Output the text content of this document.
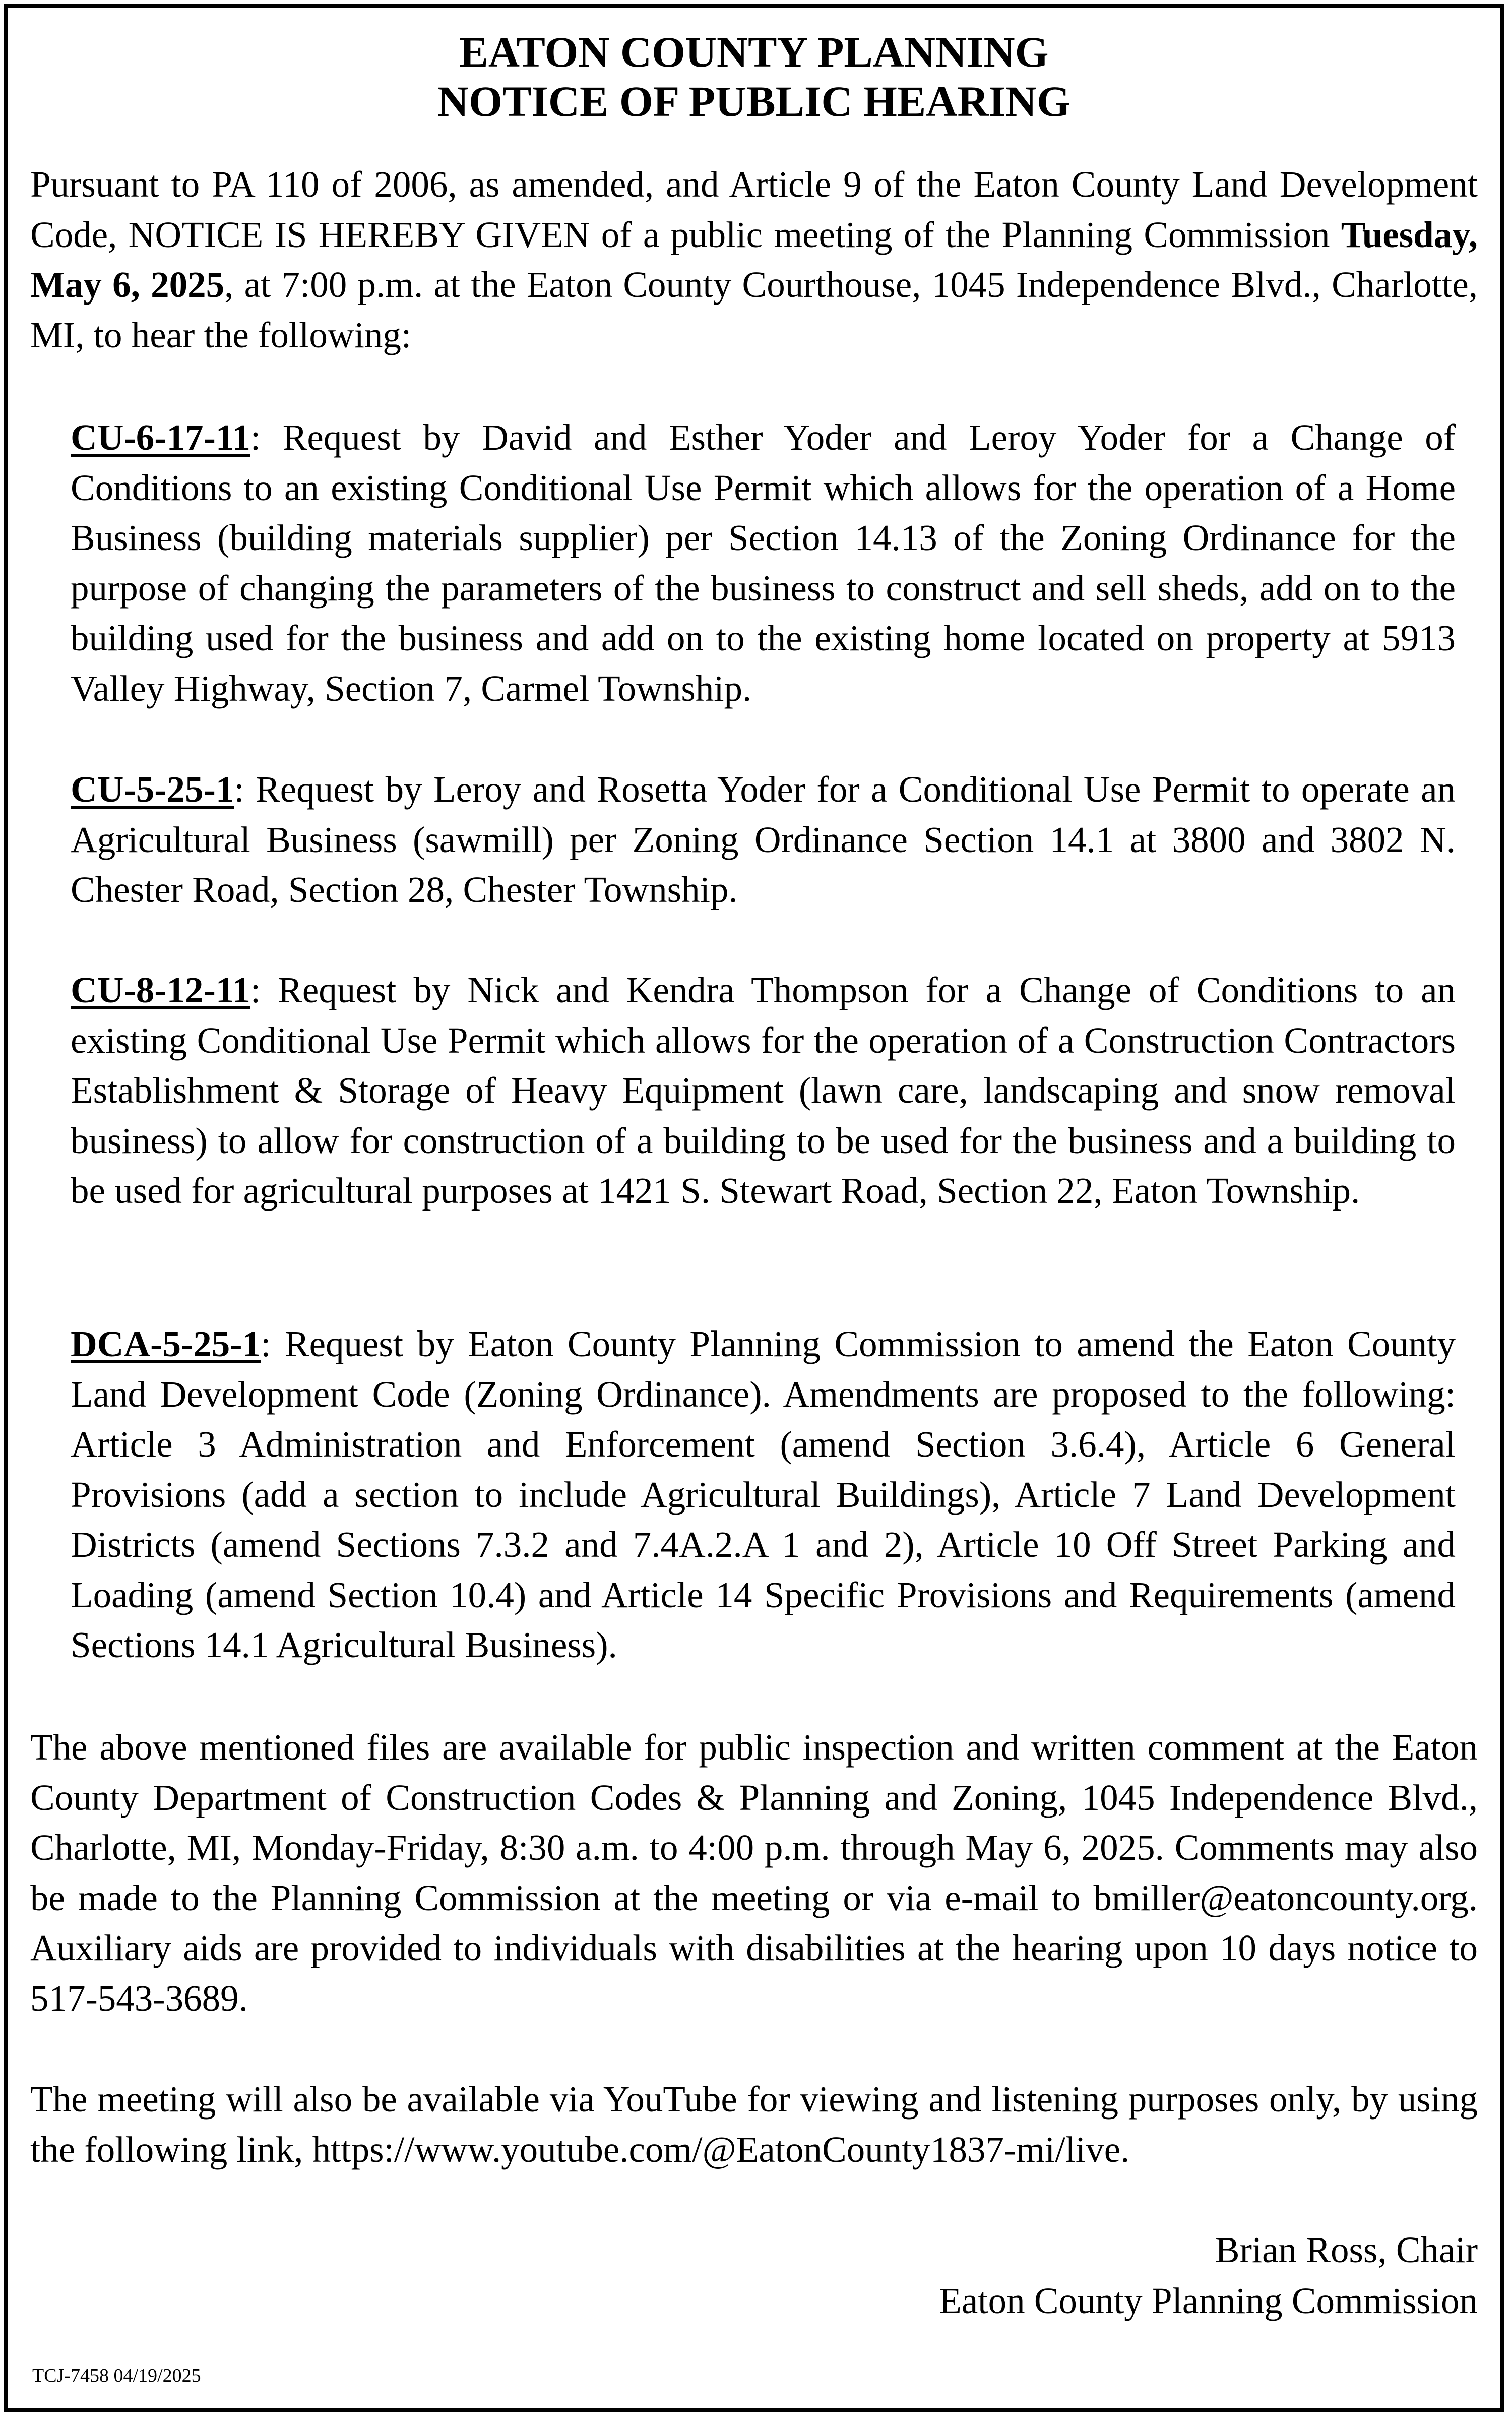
EATON COUNTY PLANNING
NOTICE OF PUBLIC HEARING

Pursuant to PA 110 of 2006, as amended, and Article 9 of the Eaton County Land Development Code, NOTICE IS HEREBY GIVEN of a public meeting of the Planning Commission Tuesday, May 6, 2025, at 7:00 p.m. at the Eaton County Courthouse, 1045 Independence Blvd., Charlotte, MI, to hear the following:

CU-6-17-11: Request by David and Esther Yoder and Leroy Yoder for a Change of Conditions to an existing Conditional Use Permit which allows for the operation of a Home Business (building materials supplier) per Section 14.13 of the Zoning Ordinance for the purpose of changing the parameters of the business to construct and sell sheds, add on to the building used for the business and add on to the existing home located on property at 5913 Valley Highway, Section 7, Carmel Township.

CU-5-25-1: Request by Leroy and Rosetta Yoder for a Conditional Use Permit to operate an Agricultural Business (sawmill) per Zoning Ordinance Section 14.1 at 3800 and 3802 N. Chester Road, Section 28, Chester Township.

CU-8-12-11: Request by Nick and Kendra Thompson for a Change of Conditions to an existing Conditional Use Permit which allows for the operation of a Construction Contractors Establishment & Storage of Heavy Equipment (lawn care, landscaping and snow removal business) to allow for construction of a building to be used for the business and a building to be used for agricultural purposes at 1421 S. Stewart Road, Section 22, Eaton Township.

DCA-5-25-1: Request by Eaton County Planning Commission to amend the Eaton County Land Development Code (Zoning Ordinance). Amendments are proposed to the following: Article 3 Administration and Enforcement (amend Section 3.6.4), Article 6 General Provisions (add a section to include Agricultural Buildings), Article 7 Land Development Districts (amend Sections 7.3.2 and 7.4A.2.A 1 and 2), Article 10 Off Street Parking and Loading (amend Section 10.4) and Article 14 Specific Provisions and Requirements (amend Sections 14.1 Agricultural Business).

The above mentioned files are available for public inspection and written comment at the Eaton County Department of Construction Codes & Planning and Zoning, 1045 Independence Blvd., Charlotte, MI, Monday-Friday, 8:30 a.m. to 4:00 p.m. through May 6, 2025. Comments may also be made to the Planning Commission at the meeting or via e-mail to bmiller@eatoncounty.org. Auxiliary aids are provided to individuals with disabilities at the hearing upon 10 days notice to 517-543-3689.

The meeting will also be available via YouTube for viewing and listening purposes only, by using the following link, https://www.youtube.com/@EatonCounty1837-mi/live.

Brian Ross, Chair
Eaton County Planning Commission
TCJ-7458 04/19/2025
